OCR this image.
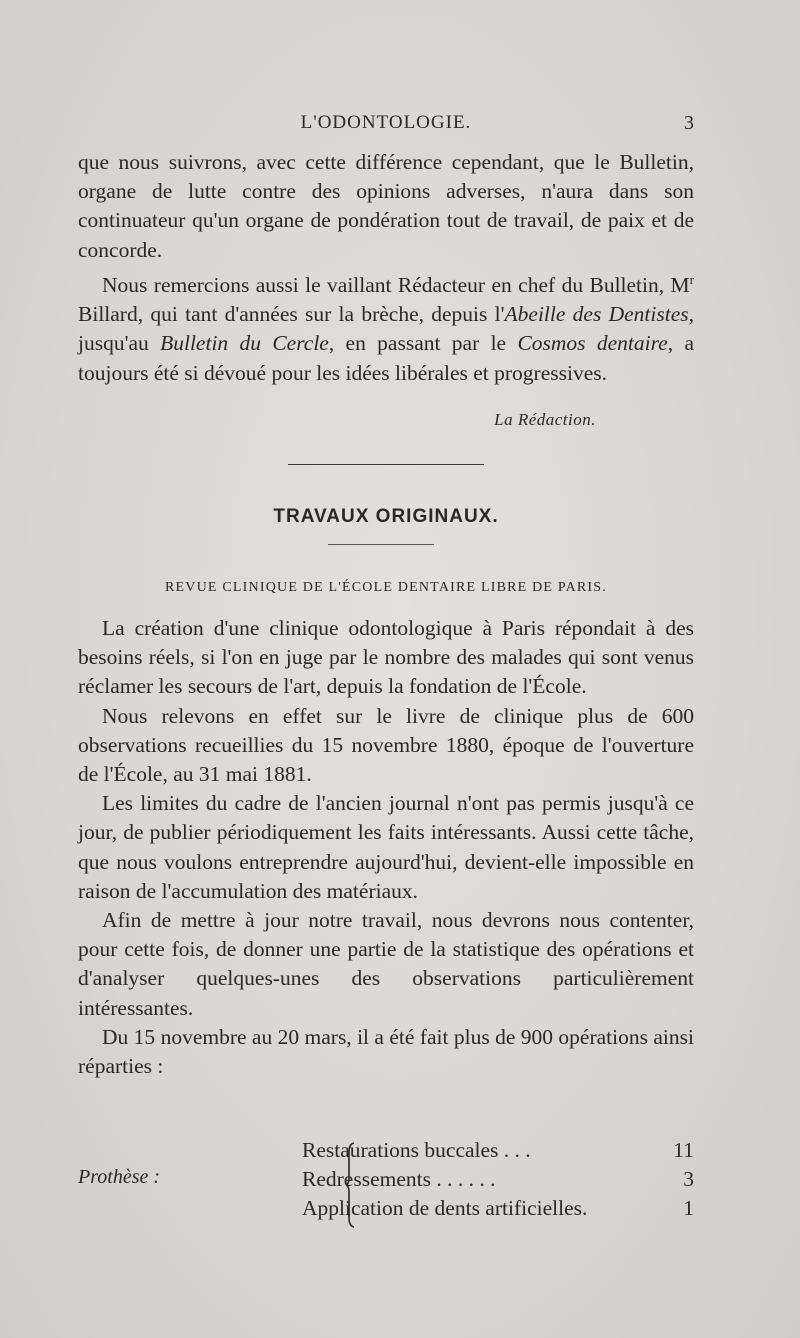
L'ODONTOLOGIE.	3

que nous suivrons, avec cette différence cependant, que le Bulletin, organe de lutte contre des opinions adverses, n'aura dans son continuateur qu'un organe de pondération tout de travail, de paix et de concorde.

Nous remercions aussi le vaillant Rédacteur en chef du Bulletin, $M^r$ Billard, qui tant d'années sur la brèche, depuis l'Abeille des Dentistes, jusqu'au Bulletin du Cercle, en passant par le Cosmos dentaire, a toujours été si dévoué pour les idées libérales et progressives.

La Rédaction.
TRAVAUX ORIGINAUX.
REVUE CLINIQUE DE L'ÉCOLE DENTAIRE LIBRE DE PARIS.

La création d'une clinique odontologique à Paris répondait à des besoins réels, si l'on en juge par le nombre des malades qui sont venus réclamer les secours de l'art, depuis la fondation de l'École.

Nous relevons en effet sur le livre de clinique plus de 600 observations recueillies du 15 novembre 1880, époque de l'ouverture de l'École, au 31 mai 1881.

Les limites du cadre de l'ancien journal n'ont pas permis jusqu'à ce jour, de publier périodiquement les faits intéressants. Aussi cette tâche, que nous voulons entreprendre aujourd'hui, devient-elle impossible en raison de l'accumulation des matériaux.

Afin de mettre à jour notre travail, nous devrons nous contenter, pour cette fois, de donner une partie de la statistique des opérations et d'analyser quelques-unes des observations particulièrement intéressantes.

Du 15 novembre au 20 mars, il a été fait plus de 900 opérations ainsi réparties :

Prothèse :
Restaurations buccales . . .	11
Redressements . . . . . .	3
Application de dents artificielles.	1
